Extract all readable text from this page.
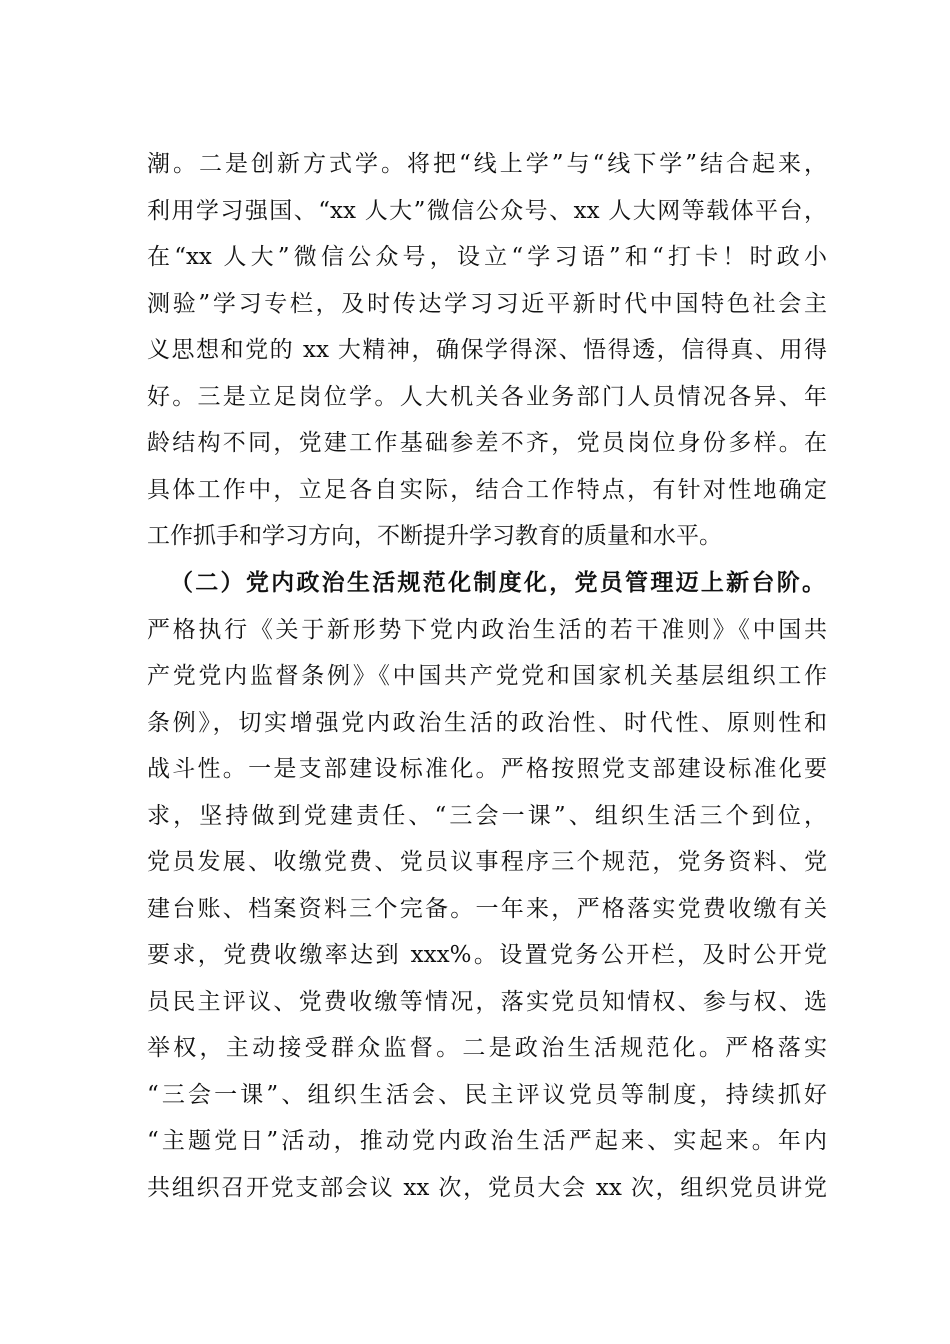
潮。二是创新方式学。将把“线上学”与“线下学”结合起来，
利用学习强国、“xx 人大”微信公众号、xx 人大网等载体平台，
在“xx 人大”微信公众号，设立“学习语”和“打卡！时政小
测验”学习专栏，及时传达学习习近平新时代中国特色社会主
义思想和党的 xx 大精神，确保学得深、悟得透，信得真、用得
好。三是立足岗位学。人大机关各业务部门人员情况各异、年
龄结构不同，党建工作基础参差不齐，党员岗位身份多样。在
具体工作中，立足各自实际，结合工作特点，有针对性地确定
工作抓手和学习方向，不断提升学习教育的质量和水平。
（二）党内政治生活规范化制度化，党员管理迈上新台阶。
严格执行《关于新形势下党内政治生活的若干准则》《中国共
产党党内监督条例》《中国共产党党和国家机关基层组织工作
条例》，切实增强党内政治生活的政治性、时代性、原则性和
战斗性。一是支部建设标准化。严格按照党支部建设标准化要
求，坚持做到党建责任、“三会一课”、组织生活三个到位，
党员发展、收缴党费、党员议事程序三个规范，党务资料、党
建台账、档案资料三个完备。一年来，严格落实党费收缴有关
要求，党费收缴率达到 xxx%。设置党务公开栏，及时公开党
员民主评议、党费收缴等情况，落实党员知情权、参与权、选
举权，主动接受群众监督。二是政治生活规范化。严格落实
“三会一课”、组织生活会、民主评议党员等制度，持续抓好
“主题党日”活动，推动党内政治生活严起来、实起来。年内
共组织召开党支部会议 xx 次，党员大会 xx 次，组织党员讲党
